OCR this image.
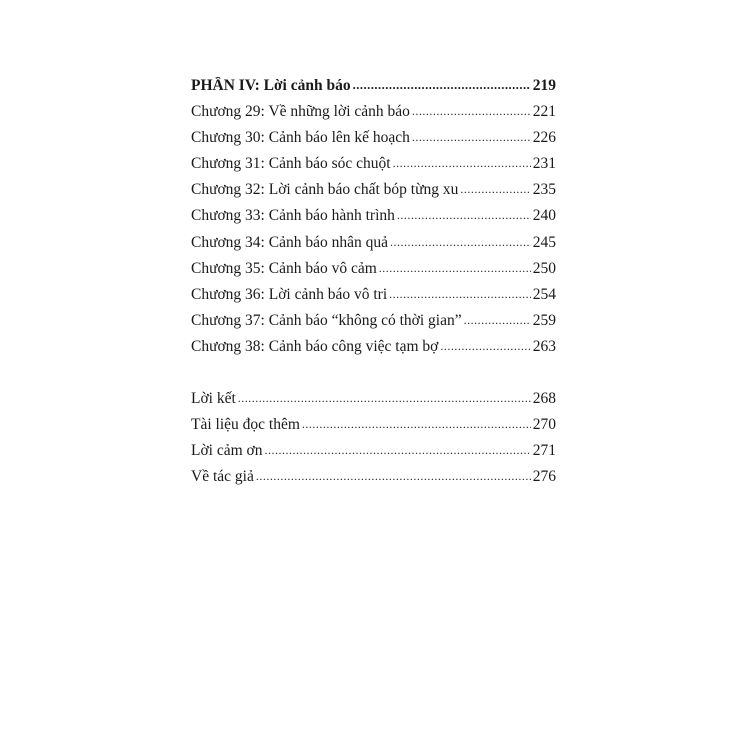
PHẦN IV: Lời cảnh báo .....	219
Chương 29: Về những lời cảnh báo .....	221
Chương 30: Cảnh báo lên kế hoạch .....	226
Chương 31: Cảnh báo sóc chuột .....	231
Chương 32: Lời cảnh báo chất bóp từng xu .....	235
Chương 33: Cảnh báo hành trình .....	240
Chương 34: Cảnh báo nhân quả .....	245
Chương 35: Cảnh báo vô cảm .....	250
Chương 36: Lời cảnh báo vô tri .....	254
Chương 37: Cảnh báo “không có thời gian” .....	259
Chương 38: Cảnh báo công việc tạm bợ .....	263
Lời kết .....	268
Tài liệu đọc thêm .....	270
Lời cảm ơn .....	271
Về tác giả .....	276
